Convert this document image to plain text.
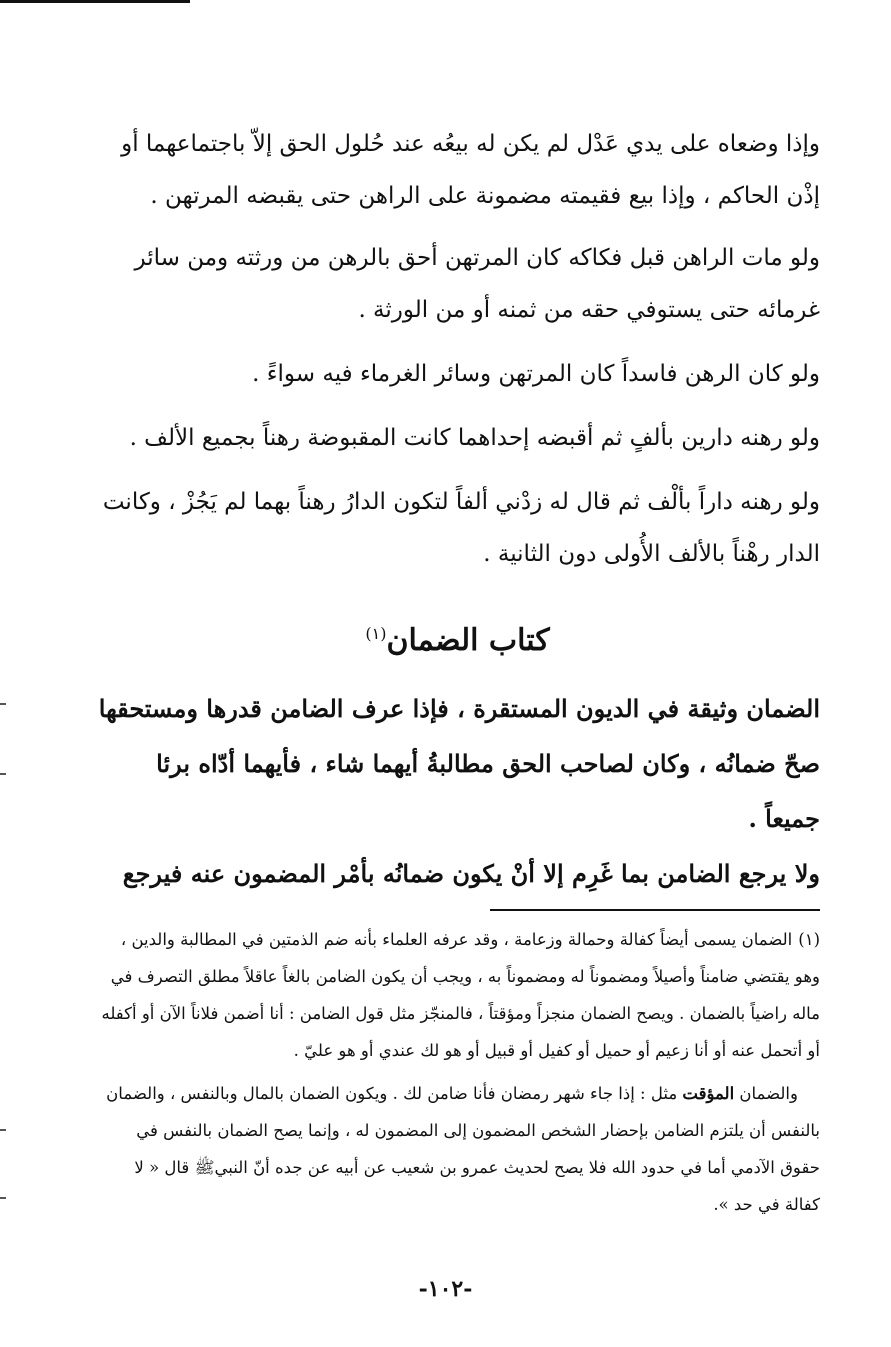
وإذا وضعاه على يدي عَدْل لم يكن له بيعُه عند حُلول الحق إلاّ باجتماعهما أو إذْن الحاكم ، وإذا بيع فقيمته مضمونة على الراهن حتى يقبضه المرتهن .

ولو مات الراهن قبل فكاكه كان المرتهن أحق بالرهن من ورثته ومن سائر غرمائه حتى يستوفي حقه من ثمنه أو من الورثة .

ولو كان الرهن فاسداً كان المرتهن وسائر الغرماء فيه سواءً .

ولو رهنه دارين بألفٍ ثم أقبضه إحداهما كانت المقبوضة رهناً بجميع الألف .

ولو رهنه داراً بألْف ثم قال له زدْني ألفاً لتكون الدارُ رهناً بهما لم يَجُزْ ، وكانت الدار رهْناً بالألف الأُولى دون الثانية .

كتاب الضمان$^{(١)}$

الضمان وثيقة في الديون المستقرة ، فإذا عرف الضامن قدرها ومستحقها صحّ ضمانُه ، وكان لصاحب الحق مطالبةُ أيهما شاء ، فأيهما أدّاه برئا جميعاً .

ولا يرجع الضامن بما غَرِم إلا أنْ يكون ضمانُه بأمْر المضمون عنه فيرجع

(١)الضمان يسمى أيضاً كفالة وحمالة وزعامة ، وقد عرفه العلماء بأنه ضم الذمتين في المطالبة والدين ، وهو يقتضي ضامناً وأصيلاً ومضموناً له ومضموناً به ، ويجب أن يكون الضامن بالغاً عاقلاً مطلق التصرف في ماله راضياً بالضمان . ويصح الضمان منجزاً ومؤقتاً ، فالمنجّز مثل قول الضامن : أنا أضمن فلاناً الآن أو أكفله أو أتحمل عنه أو أنا زعيم أو حميل أو كفيل أو قبيل أو هو لك عندي أو هو عليّ .

والضمان المؤقت مثل : إذا جاء شهر رمضان فأنا ضامن لك . ويكون الضمان بالمال وبالنفس ، والضمان بالنفس أن يلتزم الضامن بإحضار الشخص المضمون إلى المضمون له ، وإنما يصح الضمان بالنفس في حقوق الآدمي أما في حدود الله فلا يصح لحديث عمرو بن شعيب عن أبيه عن جده أنّ النبيﷺ قال « لا كفالة في حد ».

-١٠٢-
